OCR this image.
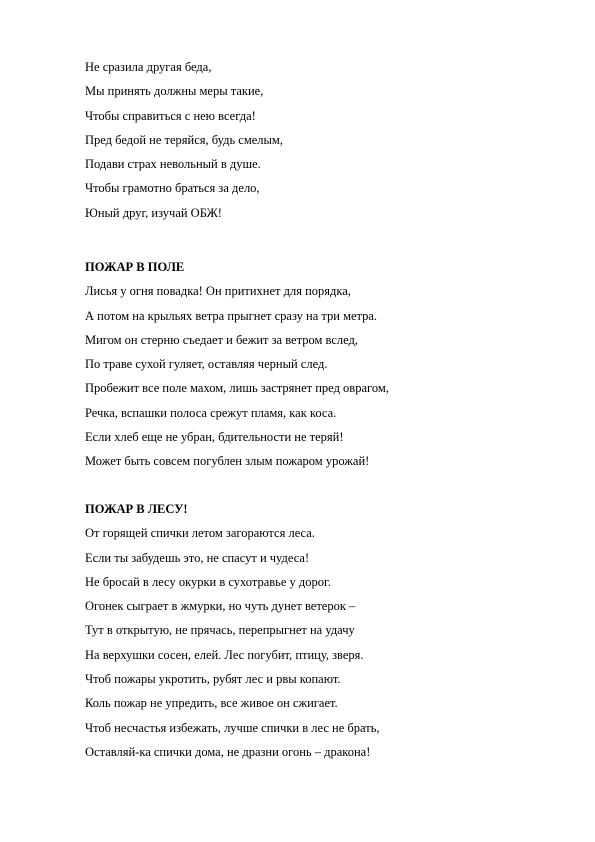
Не сразила другая беда,
Мы принять должны меры такие,
Чтобы справиться с нею всегда!
Пред бедой не теряйся, будь смелым,
Подави страх невольный в душе.
Чтобы грамотно браться за дело,
Юный друг, изучай ОБЖ!
ПОЖАР В ПОЛЕ
Лисья у огня повадка! Он притихнет для порядка,
А потом на крыльях ветра прыгнет сразу на три метра.
Мигом он стерню съедает и бежит за ветром вслед,
По траве сухой гуляет, оставляя черный след.
Пробежит все поле махом, лишь застрянет пред оврагом,
Речка, вспашки полоса срежут пламя, как коса.
Если хлеб еще не убран, бдительности не теряй!
Может быть совсем погублен злым пожаром урожай!
ПОЖАР В ЛЕСУ!
От горящей спички летом загораются леса.
Если ты забудешь это, не спасут и чудеса!
Не бросай в лесу окурки в сухотравье у дорог.
Огонек сыграет в жмурки, но чуть дунет ветерок –
Тут в открытую, не прячась, перепрыгнет на удачу
На верхушки сосен, елей. Лес погубит, птицу, зверя.
Чтоб пожары укротить, рубят лес и рвы копают.
Коль пожар не упредить, все живое он сжигает.
Чтоб несчастья избежать, лучше спички в лес не брать,
Оставляй-ка спички дома, не дразни огонь – дракона!
